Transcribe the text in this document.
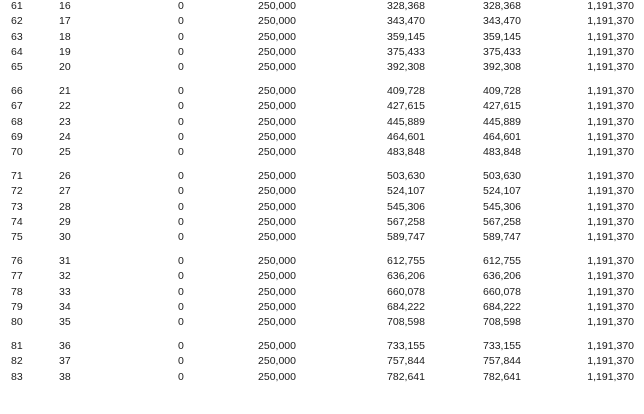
61	16	0	250,000	328,368	328,368	1,191,370
62	17	0	250,000	343,470	343,470	1,191,370
63	18	0	250,000	359,145	359,145	1,191,370
64	19	0	250,000	375,433	375,433	1,191,370
65	20	0	250,000	392,308	392,308	1,191,370
66	21	0	250,000	409,728	409,728	1,191,370
67	22	0	250,000	427,615	427,615	1,191,370
68	23	0	250,000	445,889	445,889	1,191,370
69	24	0	250,000	464,601	464,601	1,191,370
70	25	0	250,000	483,848	483,848	1,191,370
71	26	0	250,000	503,630	503,630	1,191,370
72	27	0	250,000	524,107	524,107	1,191,370
73	28	0	250,000	545,306	545,306	1,191,370
74	29	0	250,000	567,258	567,258	1,191,370
75	30	0	250,000	589,747	589,747	1,191,370
76	31	0	250,000	612,755	612,755	1,191,370
77	32	0	250,000	636,206	636,206	1,191,370
78	33	0	250,000	660,078	660,078	1,191,370
79	34	0	250,000	684,222	684,222	1,191,370
80	35	0	250,000	708,598	708,598	1,191,370
81	36	0	250,000	733,155	733,155	1,191,370
82	37	0	250,000	757,844	757,844	1,191,370
83	38	0	250,000	782,641	782,641	1,191,370
